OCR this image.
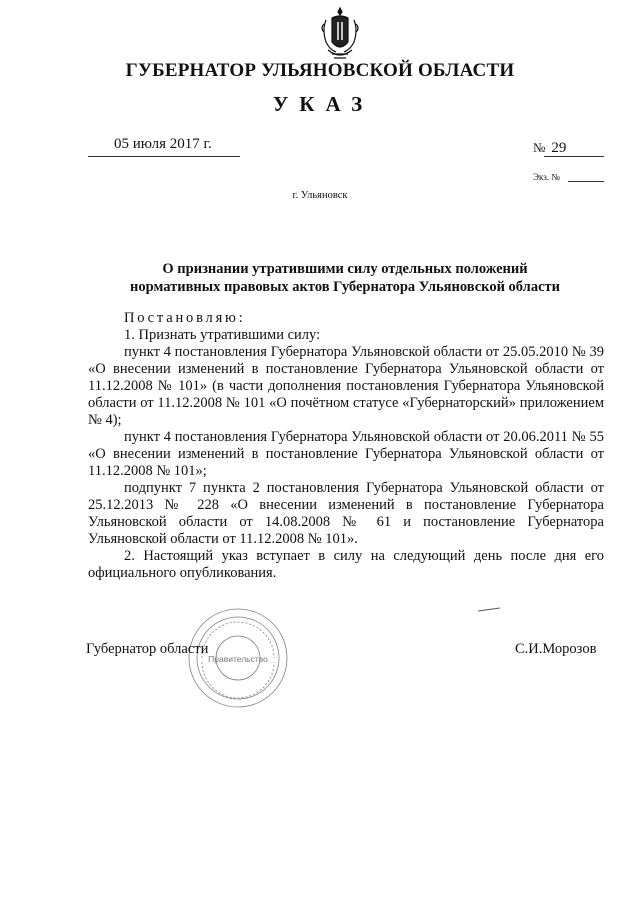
ГУБЕРНАТОР УЛЬЯНОВСКОЙ ОБЛАСТИ
УКАЗ
05 июля 2017 г.	№ 29
Экз. №
г. Ульяновск
О признании утратившими силу отдельных положений
нормативных правовых актов Губернатора Ульяновской области

Постановляю:

1. Признать утратившими силу:

пункт 4 постановления Губернатора Ульяновской области от 25.05.2010 № 39 «О внесении изменений в постановление Губернатора Ульяновской области от 11.12.2008 № 101» (в части дополнения постановления Губернатора Ульяновской области от 11.12.2008 № 101 «О почётном статусе «Губернаторский» приложением № 4);

пункт 4 постановления Губернатора Ульяновской области от 20.06.2011 № 55 «О внесении изменений в постановление Губернатора Ульяновской области от 11.12.2008 № 101»;

подпункт 7 пункта 2 постановления Губернатора Ульяновской области от 25.12.2013 № 228 «О внесении изменений в постановление Губернатора Ульяновской области от 14.08.2008 № 61 и постановление Губернатора Ульяновской области от 11.12.2008 № 101».

2. Настоящий указ вступает в силу на следующий день после дня его официального опубликования.

Правительство
Губернатор области	С.И.Морозов
